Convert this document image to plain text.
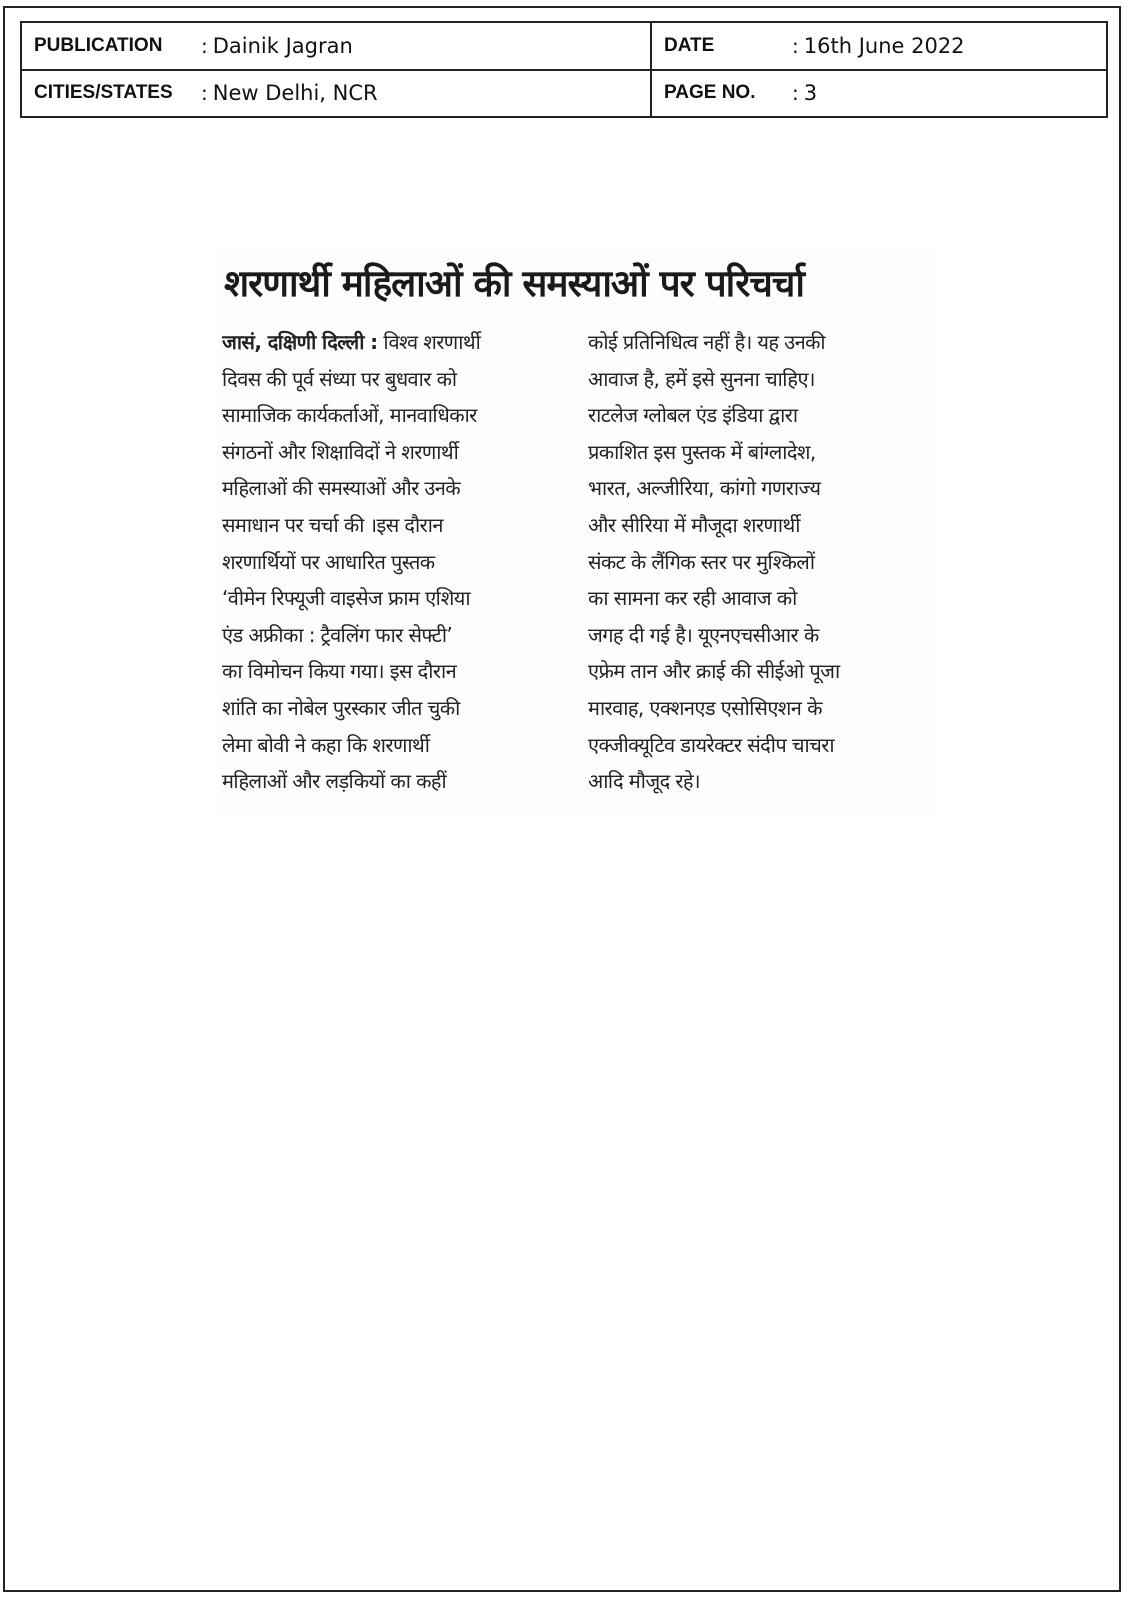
PUBLICATION : Dainik Jagran	DATE : 16th June 2022

CITIES/STATES : New Delhi, NCR	PAGE NO. : 3
शरणार्थी महिलाओं की समस्याओं पर परिचर्चा
जासं, दक्षिणी दिल्ली : विश्व शरणार्थी
दिवस की पूर्व संध्या पर बुधवार को
सामाजिक कार्यकर्ताओं, मानवाधिकार
संगठनों और शिक्षाविदों ने शरणार्थी
महिलाओं की समस्याओं और उनके
समाधान पर चर्चा की ।इस दौरान
शरणार्थियों पर आधारित पुस्तक
‘वीमेन रिफ्यूजी वाइसेज फ्राम एशिया
एंड अफ्रीका : ट्रैवलिंग फार सेफ्टी’
का विमोचन किया गया। इस दौरान
शांति का नोबेल पुरस्कार जीत चुकी
लेमा बोवी ने कहा कि शरणार्थी
महिलाओं और लड़कियों का कहीं
कोई प्रतिनिधित्व नहीं है। यह उनकी
आवाज है, हमें इसे सुनना चाहिए।
राटलेज ग्लोबल एंड इंडिया द्वारा
प्रकाशित इस पुस्तक में बांग्लादेश,
भारत, अल्जीरिया, कांगो गणराज्य
और सीरिया में मौजूदा शरणार्थी
संकट के लैंगिक स्तर पर मुश्किलों
का सामना कर रही आवाज को
जगह दी गई है। यूएनएचसीआर के
एफ्रेम तान और क्राई की सीईओ पूजा
मारवाह, एक्शनएड एसोसिएशन के
एक्जीक्यूटिव डायरेक्टर संदीप चाचरा
आदि मौजूद रहे।
